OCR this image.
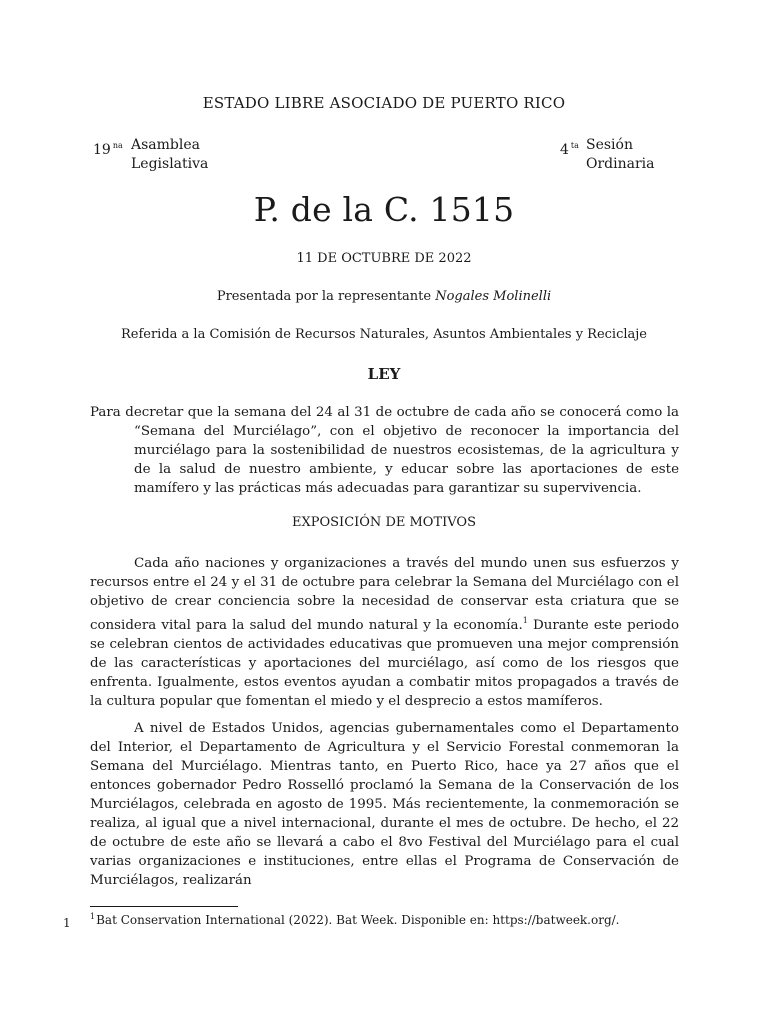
ESTADO LIBRE ASOCIADO DE PUERTO RICO
19 $^{na}$ Asamblea
Legislativa
4 $^{ta}$ Sesión
Ordinaria
P. de la C. 1515
11 DE OCTUBRE DE 2022
Presentada por la representante Nogales Molinelli
Referida a la Comisión de Recursos Naturales, Asuntos Ambientales y Reciclaje
LEY
Para decretar que la semana del 24 al 31 de octubre de cada año se conocerá como la “Semana del Murciélago”, con el objetivo de reconocer la importancia del murciélago para la sostenibilidad de nuestros ecosistemas, de la agricultura y de la salud de nuestro ambiente, y educar sobre las aportaciones de este mamífero y las prácticas más adecuadas para garantizar su supervivencia.
EXPOSICIÓN DE MOTIVOS
Cada año naciones y organizaciones a través del mundo unen sus esfuerzos y recursos entre el 24 y el 31 de octubre para celebrar la Semana del Murciélago con el objetivo de crear conciencia sobre la necesidad de conservar esta criatura que se considera vital para la salud del mundo natural y la economía.$^1$ Durante este periodo se celebran cientos de actividades educativas que promueven una mejor comprensión de las características y aportaciones del murciélago, así como de los riesgos que enfrenta. Igualmente, estos eventos ayudan a combatir mitos propagados a través de la cultura popular que fomentan el miedo y el desprecio a estos mamíferos.
A nivel de Estados Unidos, agencias gubernamentales como el Departamento del Interior, el Departamento de Agricultura y el Servicio Forestal conmemoran la Semana del Murciélago. Mientras tanto, en Puerto Rico, hace ya 27 años que el entonces gobernador Pedro Rosselló proclamó la Semana de la Conservación de los Murciélagos, celebrada en agosto de 1995. Más recientemente, la conmemoración se realiza, al igual que a nivel internacional, durante el mes de octubre. De hecho, el 22 de octubre de este año se llevará a cabo el 8vo Festival del Murciélago para el cual varias organizaciones e instituciones, entre ellas el Programa de Conservación de Murciélagos, realizarán
1 $^1$Bat Conservation International (2022). Bat Week. Disponible en: https://batweek.org/.
